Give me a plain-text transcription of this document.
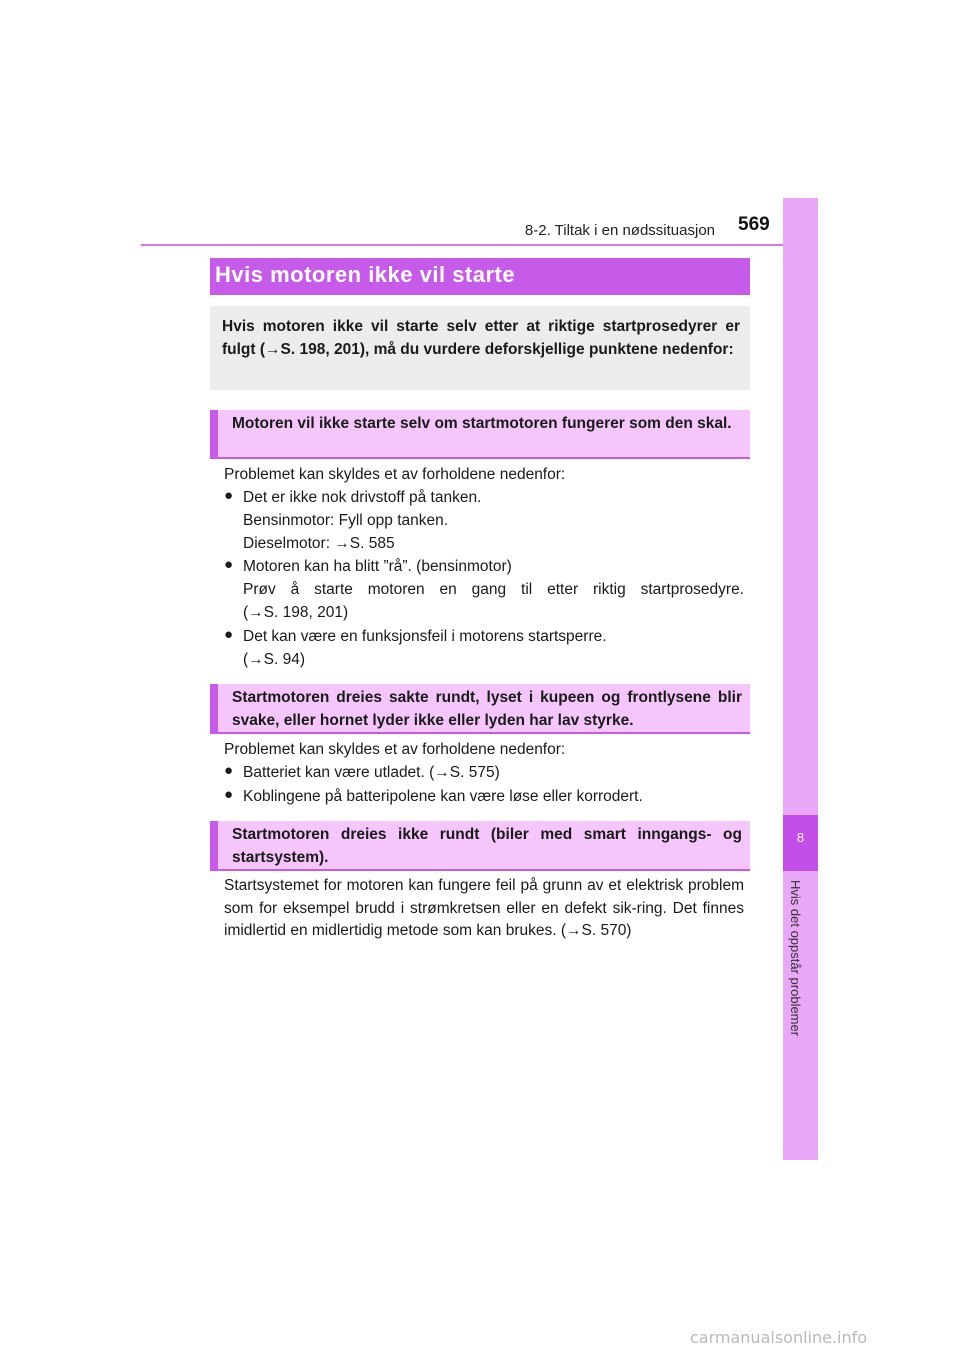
8-2. Tiltak i en nødssituasjon 569
8
Hvis det oppstår problemer
Hvis motoren ikke vil starte
Hvis motoren ikke vil starte selv etter at riktige startprosedyrer er fulgt (→S. 198, 201), må du vurdere deforskjellige punktene nedenfor:
Motoren vil ikke starte selv om startmotoren fungerer som den skal.
Problemet kan skyldes et av forholdene nedenfor:
● Det er ikke nok drivstoff på tanken.
Bensinmotor: Fyll opp tanken.
Dieselmotor: →S. 585
● Motoren kan ha blitt ”rå”. (bensinmotor)
Prøv å starte motoren en gang til etter riktig startprosedyre.
(→S. 198, 201)
● Det kan være en funksjonsfeil i motorens startsperre.
(→S. 94)
Startmotoren dreies sakte rundt, lyset i kupeen og frontlysene blir svake, eller hornet lyder ikke eller lyden har lav styrke.
Problemet kan skyldes et av forholdene nedenfor:
● Batteriet kan være utladet. (→S. 575)
● Koblingene på batteripolene kan være løse eller korrodert.
Startmotoren dreies ikke rundt (biler med smart inngangs- og startsystem).
Startsystemet for motoren kan fungere feil på grunn av et elektrisk problem som for eksempel brudd i strømkretsen eller en defekt sik-ring. Det finnes imidlertid en midlertidig metode som kan brukes. (→S. 570)
carmanualsonline.info
